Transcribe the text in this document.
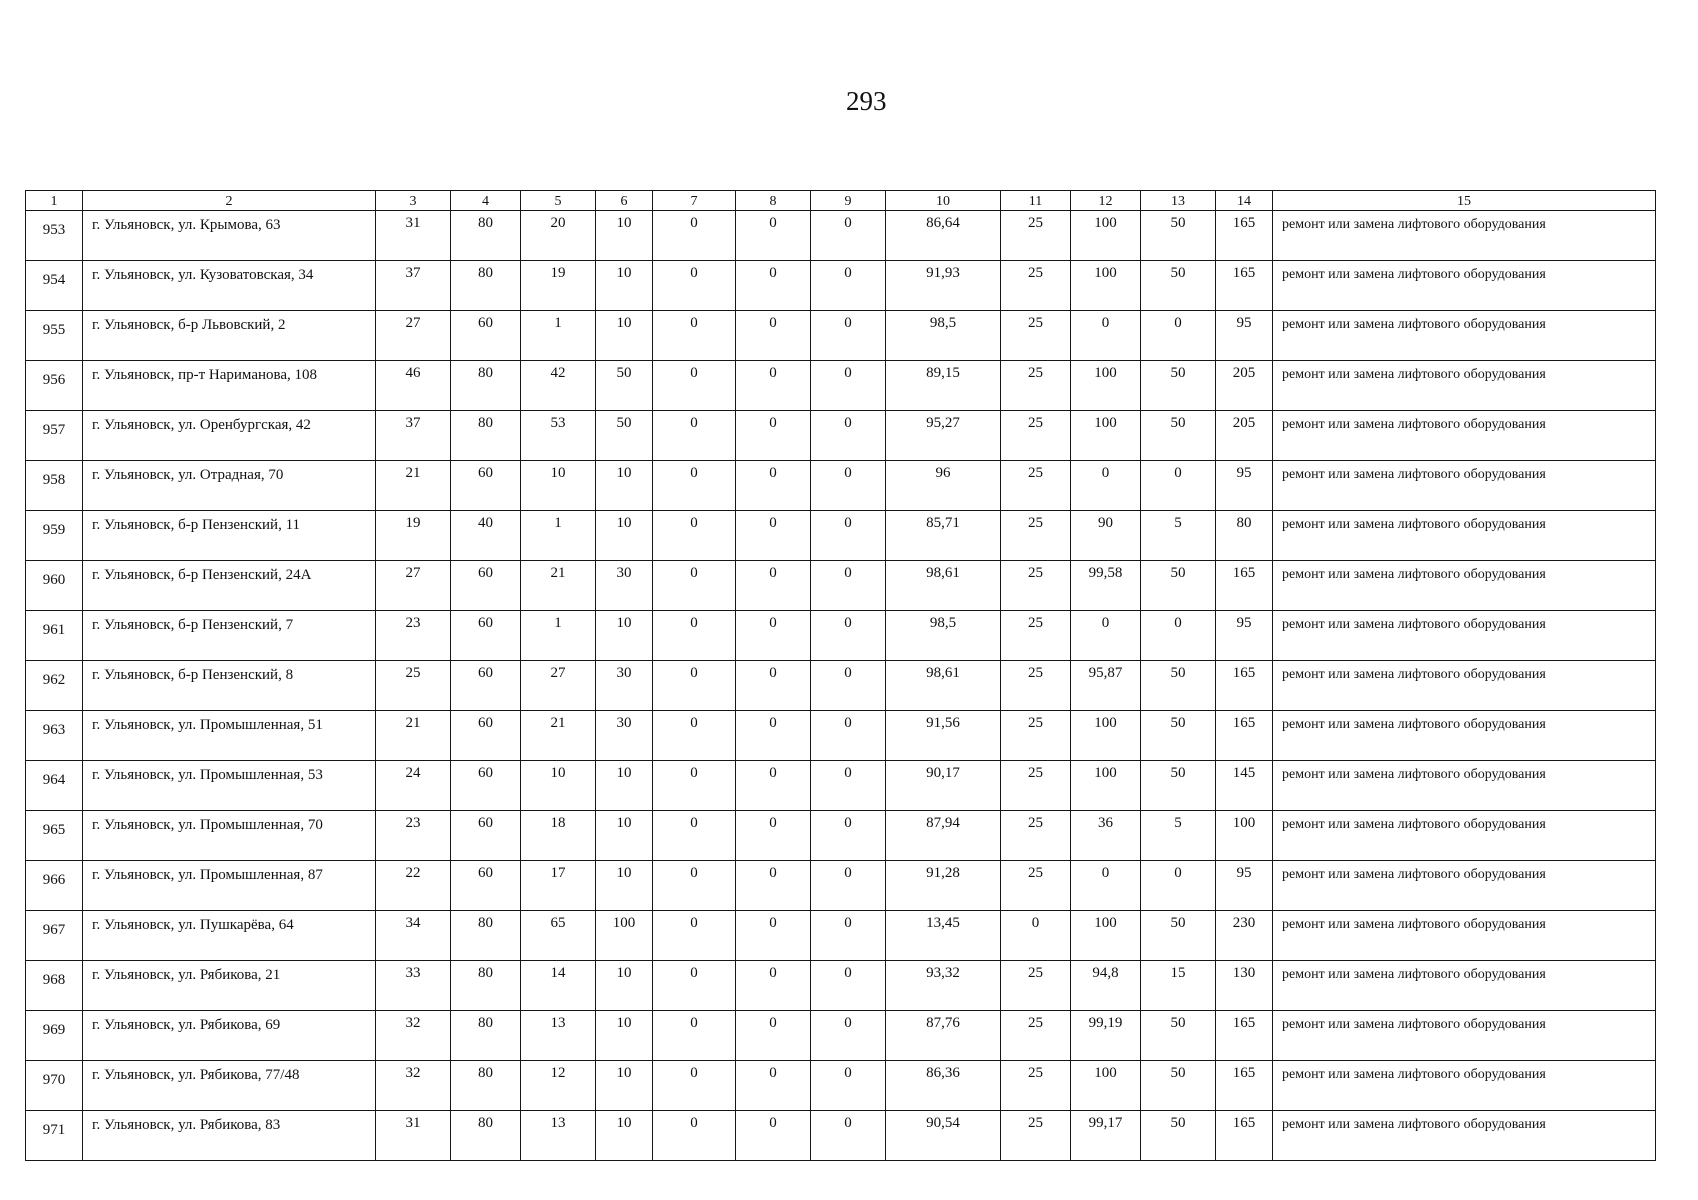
293
1	2	3	4	5	6	7	8	9	10	11	12	13	14	15
953	г. Ульяновск, ул. Крымова, 63	31	80	20	10	0	0	0	86,64	25	100	50	165	ремонт или замена лифтового оборудования
954	г. Ульяновск, ул. Кузоватовская, 34	37	80	19	10	0	0	0	91,93	25	100	50	165	ремонт или замена лифтового оборудования
955	г. Ульяновск, б-р Львовский, 2	27	60	1	10	0	0	0	98,5	25	0	0	95	ремонт или замена лифтового оборудования
956	г. Ульяновск, пр-т Нариманова, 108	46	80	42	50	0	0	0	89,15	25	100	50	205	ремонт или замена лифтового оборудования
957	г. Ульяновск, ул. Оренбургская, 42	37	80	53	50	0	0	0	95,27	25	100	50	205	ремонт или замена лифтового оборудования
958	г. Ульяновск, ул. Отрадная, 70	21	60	10	10	0	0	0	96	25	0	0	95	ремонт или замена лифтового оборудования
959	г. Ульяновск, б-р Пензенский, 11	19	40	1	10	0	0	0	85,71	25	90	5	80	ремонт или замена лифтового оборудования
960	г. Ульяновск, б-р Пензенский, 24А	27	60	21	30	0	0	0	98,61	25	99,58	50	165	ремонт или замена лифтового оборудования
961	г. Ульяновск, б-р Пензенский, 7	23	60	1	10	0	0	0	98,5	25	0	0	95	ремонт или замена лифтового оборудования
962	г. Ульяновск, б-р Пензенский, 8	25	60	27	30	0	0	0	98,61	25	95,87	50	165	ремонт или замена лифтового оборудования
963	г. Ульяновск, ул. Промышленная, 51	21	60	21	30	0	0	0	91,56	25	100	50	165	ремонт или замена лифтового оборудования
964	г. Ульяновск, ул. Промышленная, 53	24	60	10	10	0	0	0	90,17	25	100	50	145	ремонт или замена лифтового оборудования
965	г. Ульяновск, ул. Промышленная, 70	23	60	18	10	0	0	0	87,94	25	36	5	100	ремонт или замена лифтового оборудования
966	г. Ульяновск, ул. Промышленная, 87	22	60	17	10	0	0	0	91,28	25	0	0	95	ремонт или замена лифтового оборудования
967	г. Ульяновск, ул. Пушкарёва, 64	34	80	65	100	0	0	0	13,45	0	100	50	230	ремонт или замена лифтового оборудования
968	г. Ульяновск, ул. Рябикова, 21	33	80	14	10	0	0	0	93,32	25	94,8	15	130	ремонт или замена лифтового оборудования
969	г. Ульяновск, ул. Рябикова, 69	32	80	13	10	0	0	0	87,76	25	99,19	50	165	ремонт или замена лифтового оборудования
970	г. Ульяновск, ул. Рябикова, 77/48	32	80	12	10	0	0	0	86,36	25	100	50	165	ремонт или замена лифтового оборудования
971	г. Ульяновск, ул. Рябикова, 83	31	80	13	10	0	0	0	90,54	25	99,17	50	165	ремонт или замена лифтового оборудования
